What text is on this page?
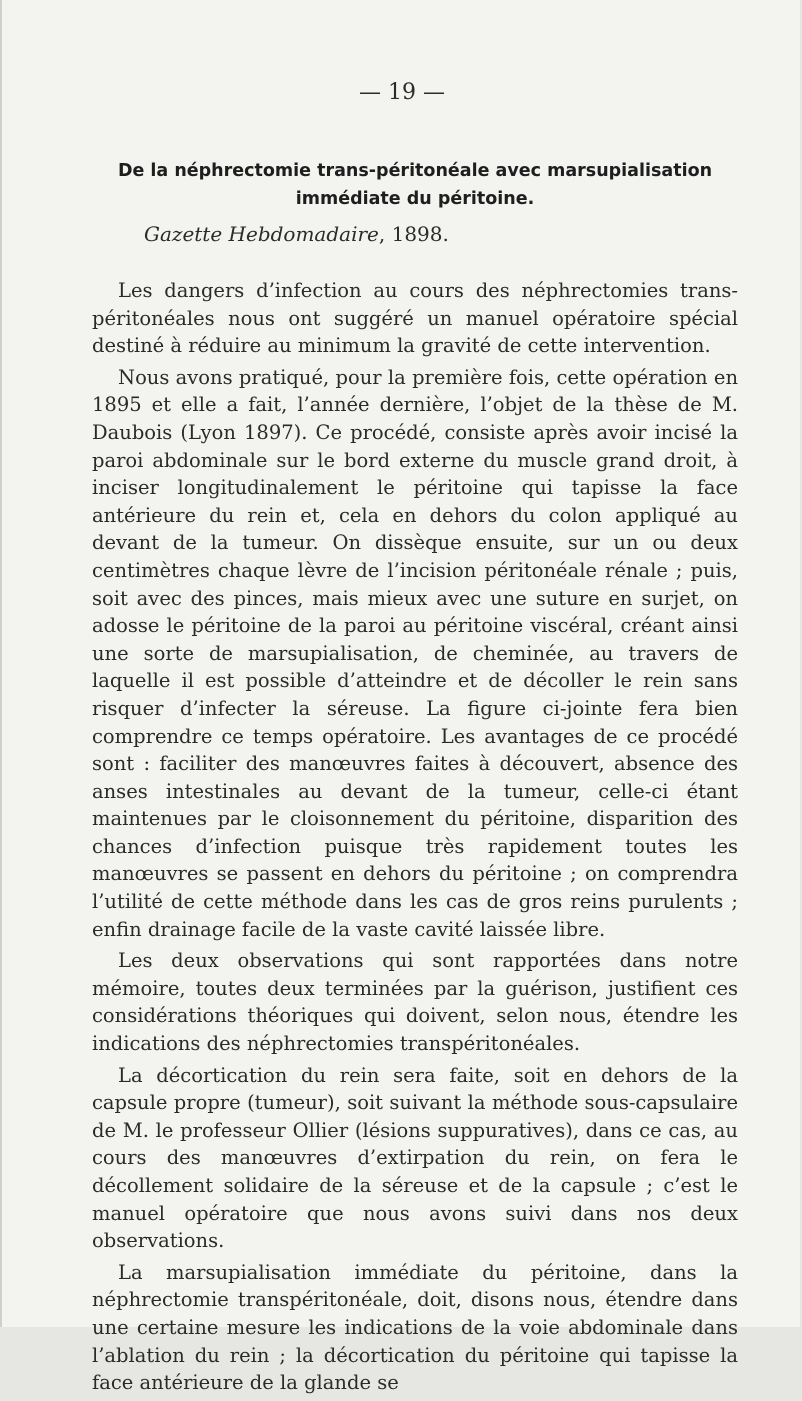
— 19 —
De la néphrectomie trans-péritonéale avec marsupialisation immédiate du péritoine.
Gazette Hebdomadaire, 1898.

Les dangers d’infection au cours des néphrectomies trans-péritonéales nous ont suggéré un manuel opératoire spécial destiné à réduire au minimum la gravité de cette intervention.

Nous avons pratiqué, pour la première fois, cette opération en 1895 et elle a fait, l’année dernière, l’objet de la thèse de M. Daubois (Lyon 1897). Ce procédé, consiste après avoir incisé la paroi abdominale sur le bord externe du muscle grand droit, à inciser longitudinalement le péritoine qui tapisse la face antérieure du rein et, cela en dehors du colon appliqué au devant de la tumeur. On dissèque ensuite, sur un ou deux centimètres chaque lèvre de l’incision péritonéale rénale ; puis, soit avec des pinces, mais mieux avec une suture en surjet, on adosse le péritoine de la paroi au péritoine viscéral, créant ainsi une sorte de marsupialisation, de cheminée, au travers de laquelle il est possible d’atteindre et de décoller le rein sans risquer d’infecter la séreuse. La figure ci-jointe fera bien comprendre ce temps opératoire. Les avantages de ce procédé sont : faciliter des manœuvres faites à découvert, absence des anses intestinales au devant de la tumeur, celle-ci étant maintenues par le cloisonnement du péritoine, disparition des chances d’infection puisque très rapidement toutes les manœuvres se passent en dehors du péritoine ; on comprendra l’utilité de cette méthode dans les cas de gros reins purulents ; enfin drainage facile de la vaste cavité laissée libre.

Les deux observations qui sont rapportées dans notre mémoire, toutes deux terminées par la guérison, justifient ces considérations théoriques qui doivent, selon nous, étendre les indications des néphrectomies transpéritonéales.

La décortication du rein sera faite, soit en dehors de la capsule propre (tumeur), soit suivant la méthode sous-capsulaire de M. le professeur Ollier (lésions suppuratives), dans ce cas, au cours des manœuvres d’extirpation du rein, on fera le décollement solidaire de la séreuse et de la capsule ; c’est le manuel opératoire que nous avons suivi dans nos deux observations.

La marsupialisation immédiate du péritoine, dans la néphrectomie transpéritonéale, doit, disons nous, étendre dans une certaine mesure les indications de la voie abdominale dans l’ablation du rein ; la décortication du péritoine qui tapisse la face antérieure de la glande se
